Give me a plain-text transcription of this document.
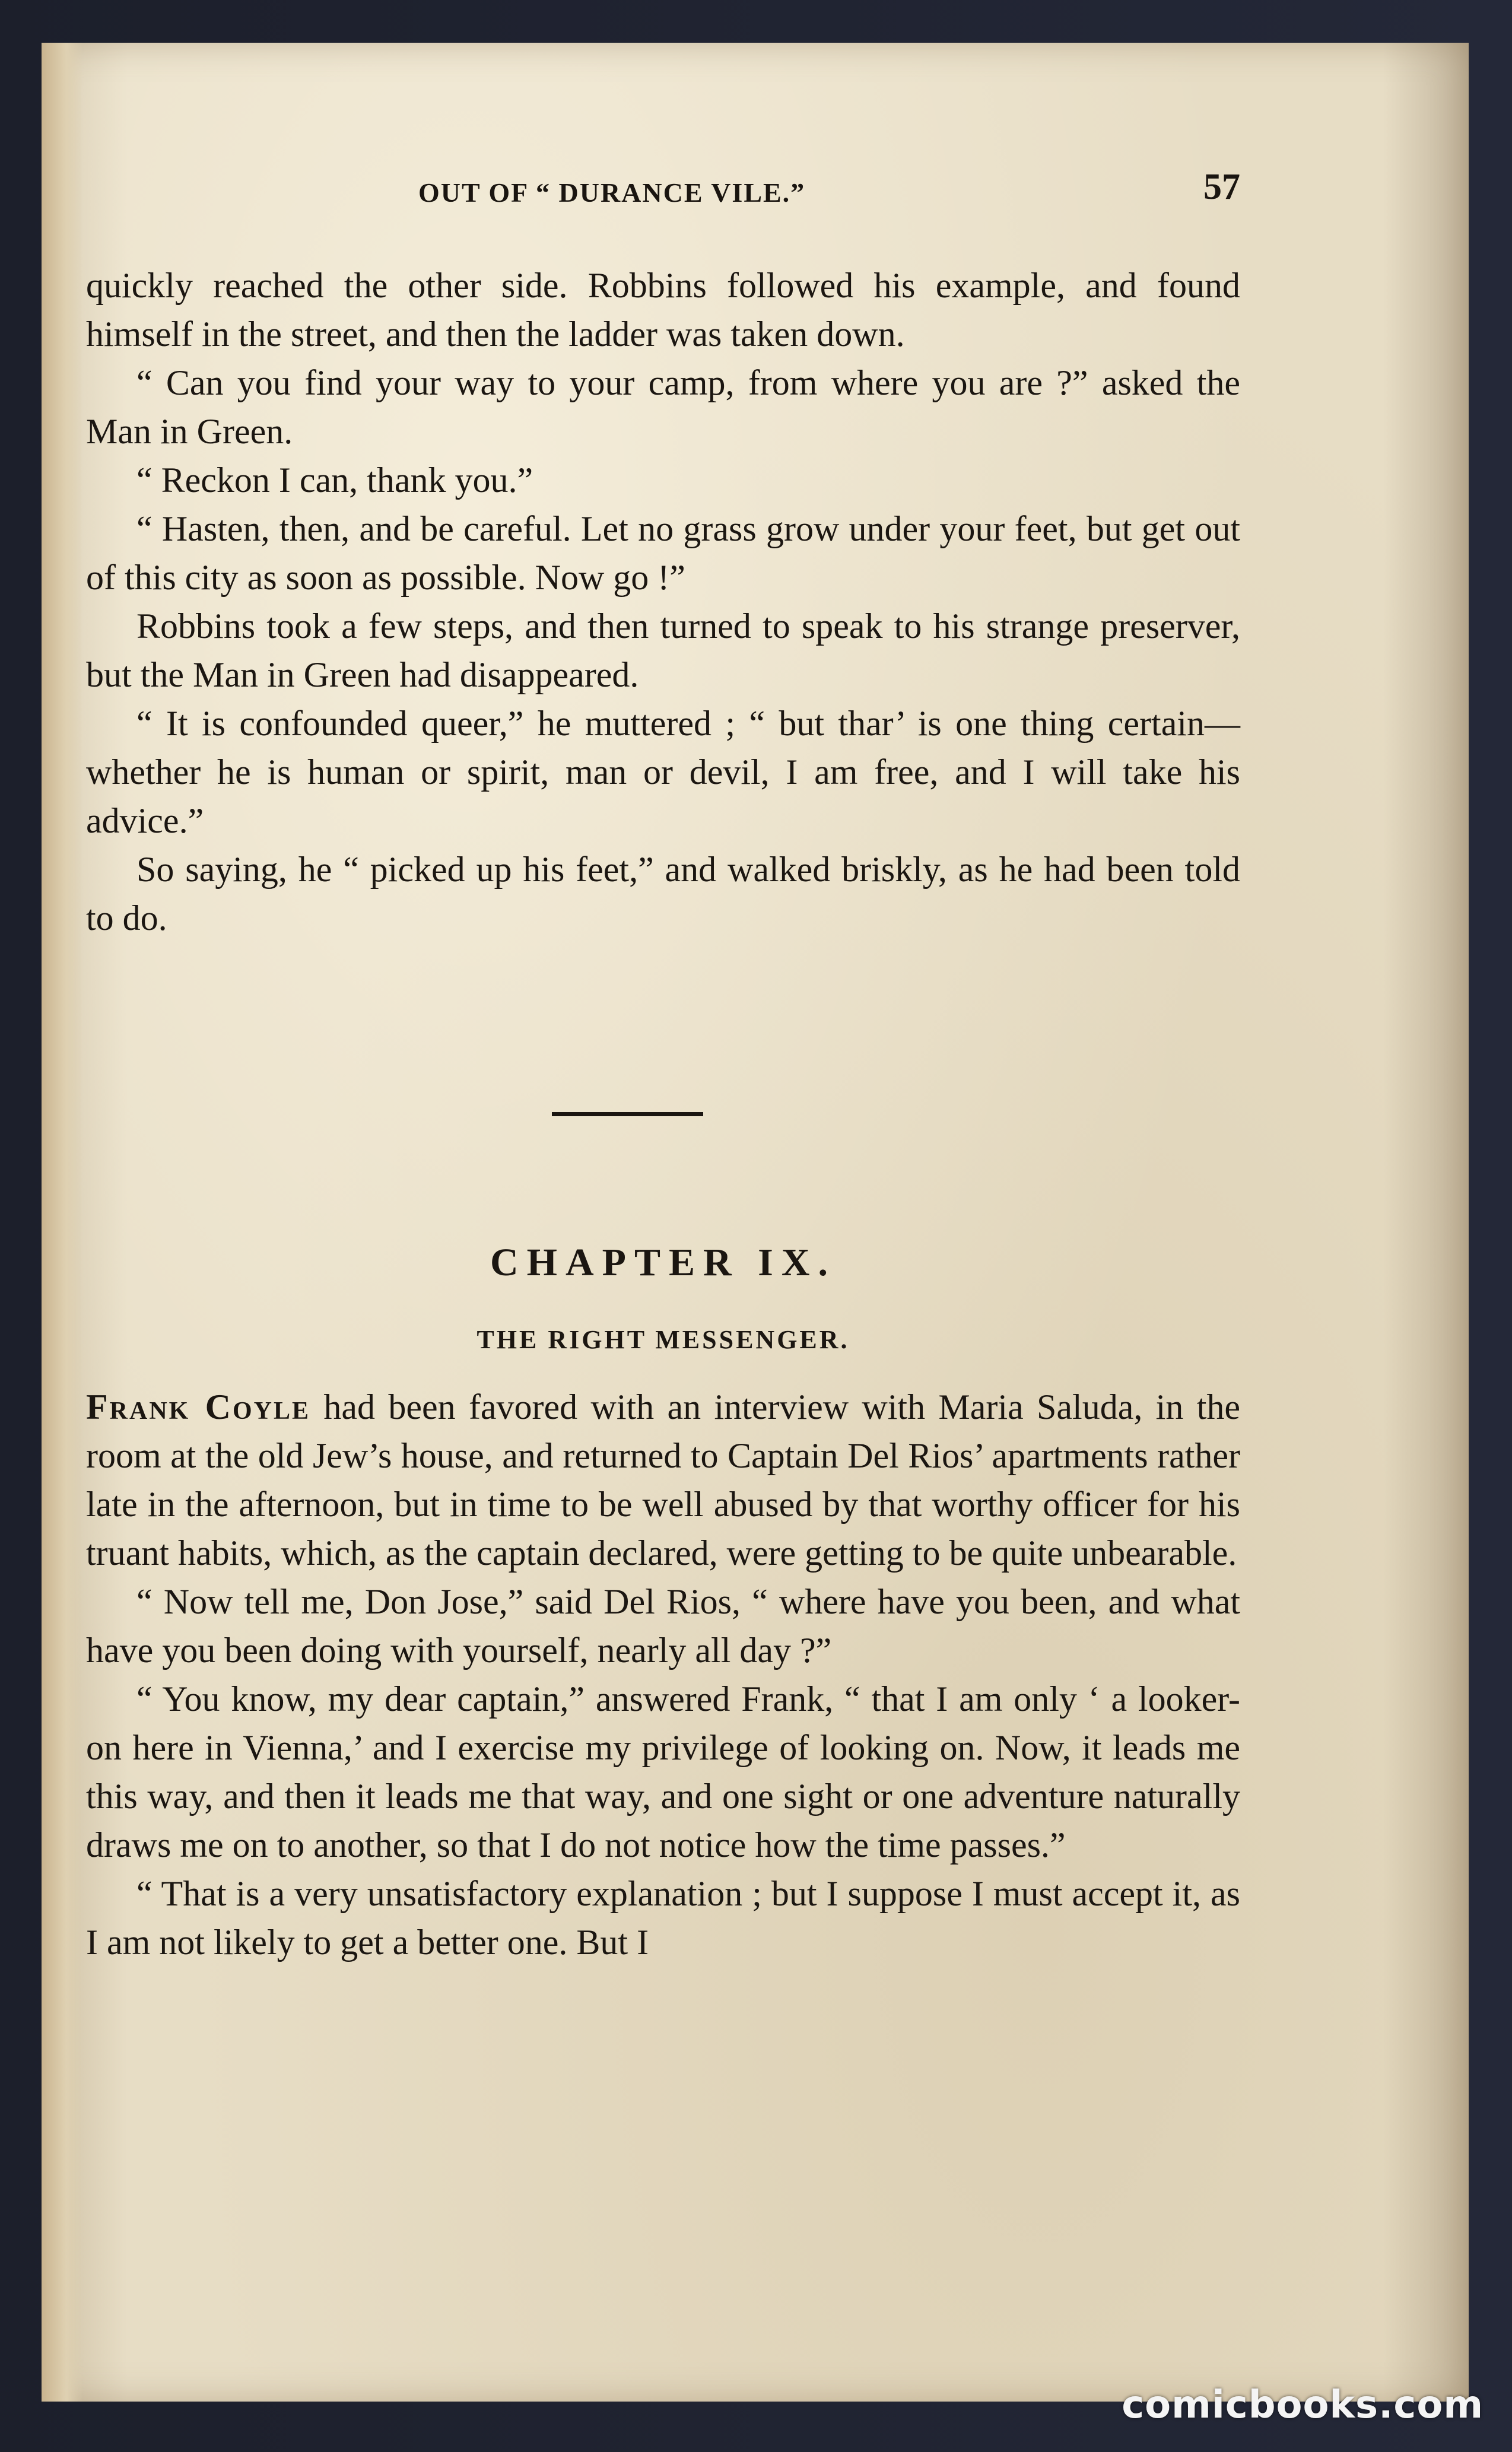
OUT OF “ DURANCE VILE.”	57

quickly reached the other side. Robbins followed his example, and found himself in the street, and then the ladder was taken down.

“ Can you find your way to your camp, from where you are ?” asked the Man in Green.

“ Reckon I can, thank you.”

“ Hasten, then, and be careful. Let no grass grow under your feet, but get out of this city as soon as possible. Now go !”

Robbins took a few steps, and then turned to speak to his strange preserver, but the Man in Green had disappeared.

“ It is confounded queer,” he muttered ; “ but thar’ is one thing certain—whether he is human or spirit, man or devil, I am free, and I will take his advice.”

So saying, he “ picked up his feet,” and walked briskly, as he had been told to do.

CHAPTER IX.
THE RIGHT MESSENGER.

Frank Coyle had been favored with an interview with Maria Saluda, in the room at the old Jew’s house, and returned to Captain Del Rios’ apartments rather late in the afternoon, but in time to be well abused by that worthy officer for his truant habits, which, as the captain declared, were getting to be quite unbearable.

“ Now tell me, Don Jose,” said Del Rios, “ where have you been, and what have you been doing with yourself, nearly all day ?”

“ You know, my dear captain,” answered Frank, “ that I am only ‘ a looker-on here in Vienna,’ and I exercise my privilege of looking on. Now, it leads me this way, and then it leads me that way, and one sight or one adventure naturally draws me on to another, so that I do not notice how the time passes.”

“ That is a very unsatisfactory explanation ; but I suppose I must accept it, as I am not likely to get a better one. But I

comicbooks.com
